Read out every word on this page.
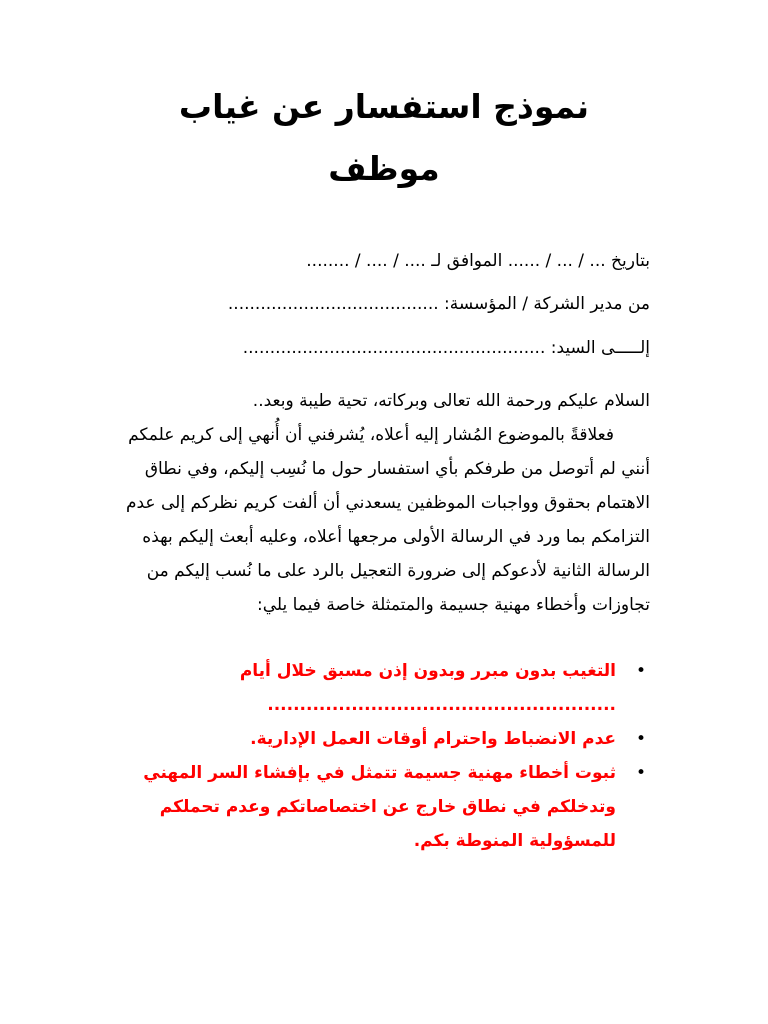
نموذج استفسار عن غياب
موظف
بتاريخ ... / ... / ...... الموافق لـ .... / .... / ........
من مدير الشركة / المؤسسة: .......................................
إلـــــى السيد: ........................................................

السلام عليكم ورحمة الله تعالى وبركاته، تحية طيبة وبعد..

فعلاقةً بالموضوع المُشار إليه أعلاه، يُشرفني أن أُنهي إلى كريم علمكم أنني لم أتوصل من طرفكم بأي استفسار حول ما نُسِب إليكم، وفي نطاق الاهتمام بحقوق وواجبات الموظفين يسعدني أن ألفت كريم نظركم إلى عدم التزامكم بما ورد في الرسالة الأولى مرجعها أعلاه، وعليه أبعث إليكم بهذه الرسالة الثانية لأدعوكم إلى ضرورة التعجيل بالرد على ما نُسب إليكم من تجاوزات وأخطاء مهنية جسيمة والمتمثلة خاصة فيما يلي:

•
التغيب بدون مبرر وبدون إذن مسبق خلال أيام ......................................................
•
عدم الانضباط واحترام أوقات العمل الإدارية.
•
ثبوت أخطاء مهنية جسيمة تتمثل في بإفشاء السر المهني وتدخلكم في نطاق خارج عن اختصاصاتكم وعدم تحملكم للمسؤولية المنوطة بكم.
